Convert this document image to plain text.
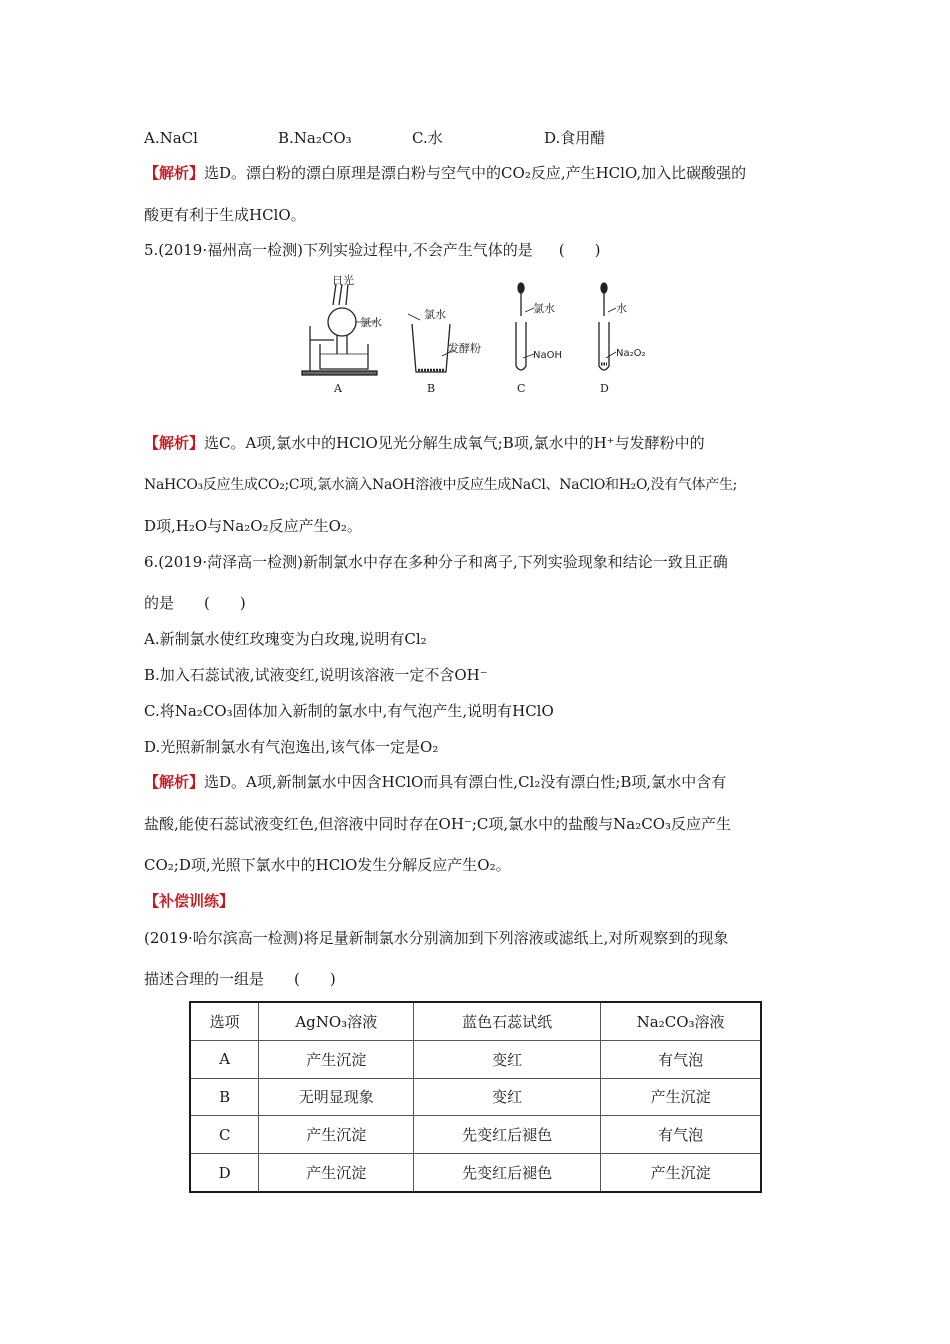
A.NaCl	B.Na₂CO₃	C.水	D.食用醋
【解析】选D。漂白粉的漂白原理是漂白粉与空气中的CO₂反应,产生HClO,加入比碳酸强的
酸更有利于生成HClO。
5.(2019·福州高一检测)下列实验过程中,不会产生气体的是 (　　)
日光
氯水
氯水
发酵粉
氯水
NaOH
水
Na₂O₂
A	B	C	D
【解析】选C。A项,氯水中的HClO见光分解生成氧气;B项,氯水中的H⁺与发酵粉中的
NaHCO₃反应生成CO₂;C项,氯水滴入NaOH溶液中反应生成NaCl、NaClO和H₂O,没有气体产生;
D项,H₂O与Na₂O₂反应产生O₂。
6.(2019·菏泽高一检测)新制氯水中存在多种分子和离子,下列实验现象和结论一致且正确
的是 (　　)
A.新制氯水使红玫瑰变为白玫瑰,说明有Cl₂
B.加入石蕊试液,试液变红,说明该溶液一定不含OH⁻
C.将Na₂CO₃固体加入新制的氯水中,有气泡产生,说明有HClO
D.光照新制氯水有气泡逸出,该气体一定是O₂
【解析】选D。A项,新制氯水中因含HClO而具有漂白性,Cl₂没有漂白性;B项,氯水中含有
盐酸,能使石蕊试液变红色,但溶液中同时存在OH⁻;C项,氯水中的盐酸与Na₂CO₃反应产生
CO₂;D项,光照下氯水中的HClO发生分解反应产生O₂。
【补偿训练】
(2019·哈尔滨高一检测)将足量新制氯水分别滴加到下列溶液或滤纸上,对所观察到的现象
描述合理的一组是 (　　)
选项	AgNO₃溶液	蓝色石蕊试纸	Na₂CO₃溶液
A	产生沉淀	变红	有气泡
B	无明显现象	变红	产生沉淀
C	产生沉淀	先变红后褪色	有气泡
D	产生沉淀	先变红后褪色	产生沉淀
